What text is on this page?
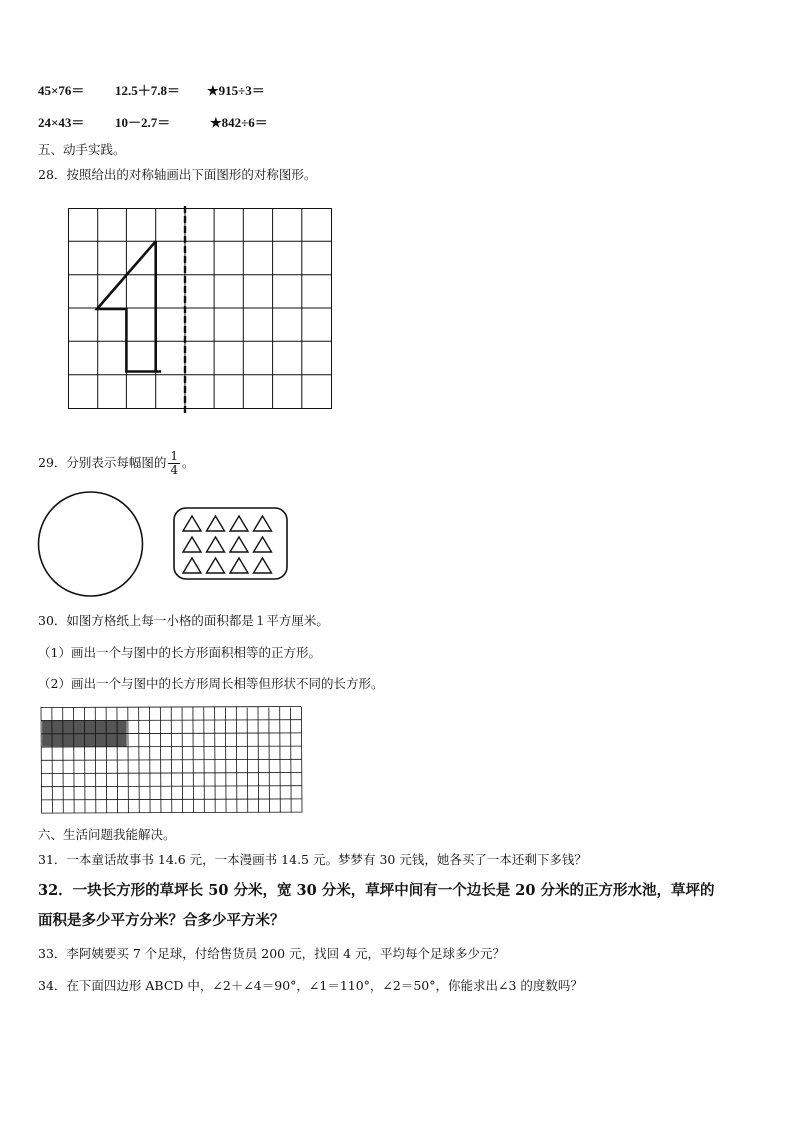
45×76＝ 12.5＋7.8＝ ★915÷3＝
24×43＝ 10－2.7＝	★842÷6＝
五、动手实践。
28．按照给出的对称轴画出下面图形的对称图形。
29．分别表示每幅图的 $\frac{1}{4}$ 。
30．如图方格纸上每一小格的面积都是１平方厘米。
（1）画出一个与图中的长方形面积相等的正方形。
（2）画出一个与图中的长方形周长相等但形状不同的长方形。
六、生活问题我能解决。
31．一本童话故事书 14.6 元，一本漫画书 14.5 元。梦梦有 30 元钱，她各买了一本还剩下多钱？
32．一块长方形的草坪长 50 分米，宽 30 分米，草坪中间有一个边长是 20 分米的正方形水池，草坪的
面积是多少平方分米？合多少平方米？
33．李阿姨要买 7 个足球，付给售货员 200 元，找回 4 元，平均每个足球多少元？
34．在下面四边形 ABCD 中，∠2＋∠4＝90°，∠1＝110°，∠2＝50°，你能求出∠3 的度数吗？
